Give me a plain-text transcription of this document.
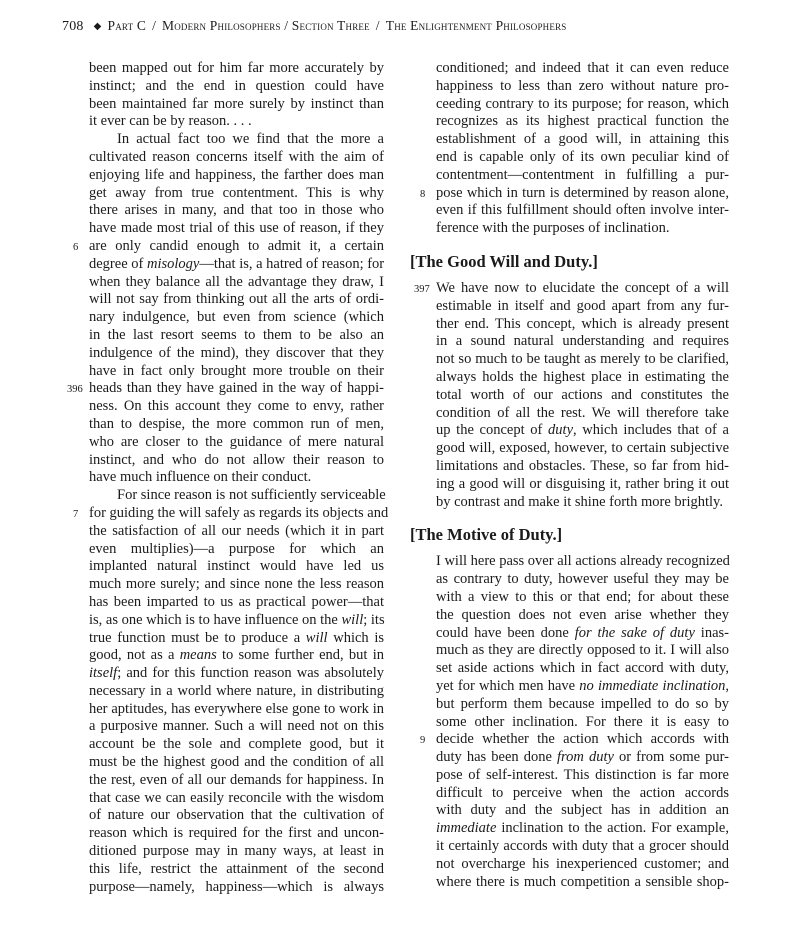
708 ◆ Part C / Modern Philosophers / Section Three / The Enlightenment Philosophers
been mapped out for him far more accurately by
instinct; and the end in question could have
been maintained far more surely by instinct than
it ever can be by reason. . . .
In actual fact too we find that the more a
cultivated reason concerns itself with the aim of
enjoying life and happiness, the farther does man
get away from true contentment. This is why
there arises in many, and that too in those who
have made most trial of this use of reason, if they
are only candid enough to admit it, a certain
6
degree of misology—that is, a hatred of reason; for
when they balance all the advantage they draw, I
will not say from thinking out all the arts of ordi-
nary indulgence, but even from science (which
in the last resort seems to them to be also an
indulgence of the mind), they discover that they
have in fact only brought more trouble on their
heads than they have gained in the way of happi-
396
ness. On this account they come to envy, rather
than to despise, the more common run of men,
who are closer to the guidance of mere natural
instinct, and who do not allow their reason to
have much influence on their conduct.
For since reason is not sufficiently serviceable
for guiding the will safely as regards its objects and
7
the satisfaction of all our needs (which it in part
even multiplies)—a purpose for which an
implanted natural instinct would have led us
much more surely; and since none the less reason
has been imparted to us as practical power—that
is, as one which is to have influence on the will; its
true function must be to produce a will which is
good, not as a means to some further end, but in
itself; and for this function reason was absolutely
necessary in a world where nature, in distributing
her aptitudes, has everywhere else gone to work in
a purposive manner. Such a will need not on this
account be the sole and complete good, but it
must be the highest good and the condition of all
the rest, even of all our demands for happiness. In
that case we can easily reconcile with the wisdom
of nature our observation that the cultivation of
reason which is required for the first and uncon-
ditioned purpose may in many ways, at least in
this life, restrict the attainment of the second
purpose—namely, happiness—which is always
conditioned; and indeed that it can even reduce
happiness to less than zero without nature pro-
ceeding contrary to its purpose; for reason, which
recognizes as its highest practical function the
establishment of a good will, in attaining this
end is capable only of its own peculiar kind of
contentment—contentment in fulfilling a pur-
pose which in turn is determined by reason alone,
8
even if this fulfillment should often involve inter-
ference with the purposes of inclination.
[The Good Will and Duty.]
We have now to elucidate the concept of a will
397
estimable in itself and good apart from any fur-
ther end. This concept, which is already present
in a sound natural understanding and requires
not so much to be taught as merely to be clarified,
always holds the highest place in estimating the
total worth of our actions and constitutes the
condition of all the rest. We will therefore take
up the concept of duty, which includes that of a
good will, exposed, however, to certain subjective
limitations and obstacles. These, so far from hid-
ing a good will or disguising it, rather bring it out
by contrast and make it shine forth more brightly.
[The Motive of Duty.]
I will here pass over all actions already recognized
as contrary to duty, however useful they may be
with a view to this or that end; for about these
the question does not even arise whether they
could have been done for the sake of duty inas-
much as they are directly opposed to it. I will also
set aside actions which in fact accord with duty,
yet for which men have no immediate inclination,
but perform them because impelled to do so by
some other inclination. For there it is easy to
decide whether the action which accords with
9
duty has been done from duty or from some pur-
pose of self-interest. This distinction is far more
difficult to perceive when the action accords
with duty and the subject has in addition an
immediate inclination to the action. For example,
it certainly accords with duty that a grocer should
not overcharge his inexperienced customer; and
where there is much competition a sensible shop-
